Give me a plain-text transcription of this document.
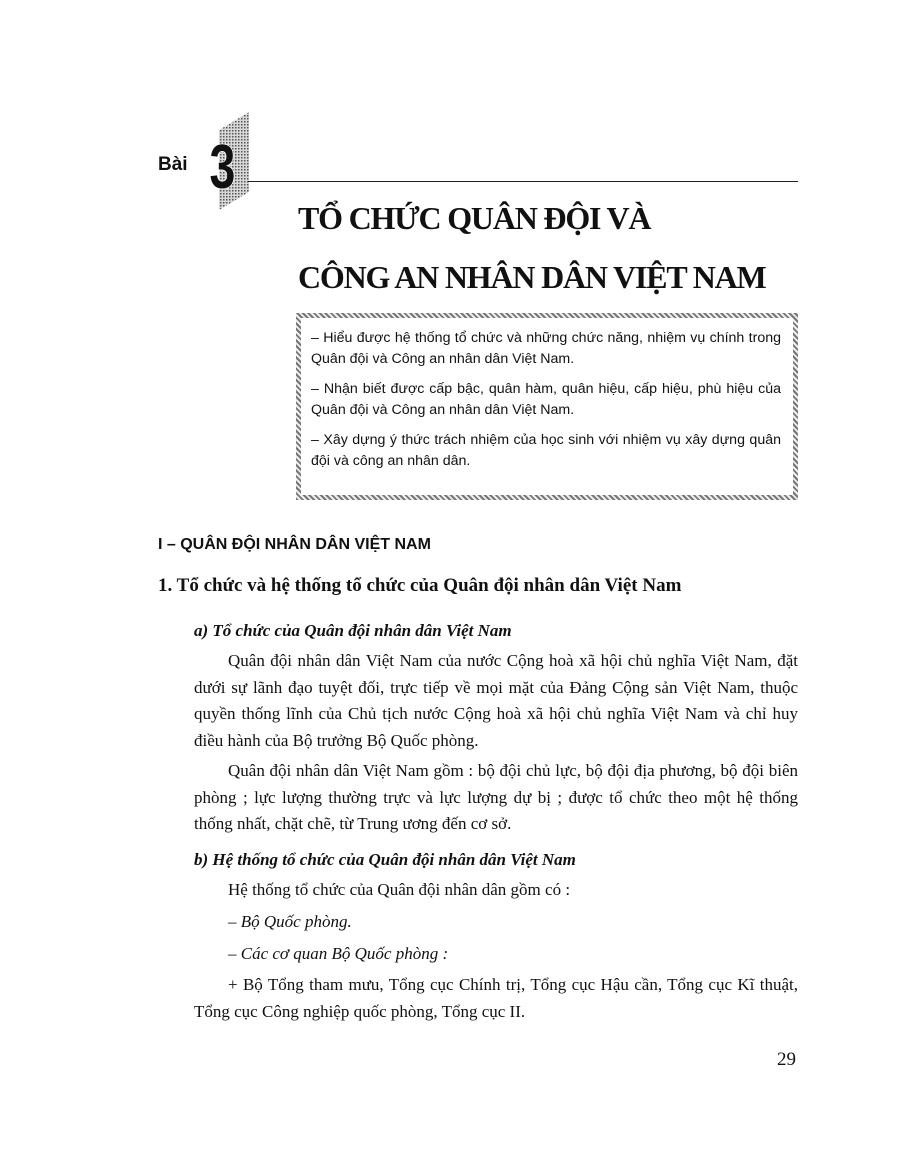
Bài 3
TỔ CHỨC QUÂN ĐỘI VÀ
CÔNG AN NHÂN DÂN VIỆT NAM

– Hiểu được hệ thống tổ chức và những chức năng, nhiệm vụ chính trong Quân đội và Công an nhân dân Việt Nam.

– Nhận biết được cấp bậc, quân hàm, quân hiệu, cấp hiệu, phù hiệu của Quân đội và Công an nhân dân Việt Nam.

– Xây dựng ý thức trách nhiệm của học sinh với nhiệm vụ xây dựng quân đội và công an nhân dân.

I – QUÂN ĐỘI NHÂN DÂN VIỆT NAM
1. Tổ chức và hệ thống tổ chức của Quân đội nhân dân Việt Nam
a) Tổ chức của Quân đội nhân dân Việt Nam

Quân đội nhân dân Việt Nam của nước Cộng hoà xã hội chủ nghĩa Việt Nam, đặt dưới sự lãnh đạo tuyệt đối, trực tiếp về mọi mặt của Đảng Cộng sản Việt Nam, thuộc quyền thống lĩnh của Chủ tịch nước Cộng hoà xã hội chủ nghĩa Việt Nam và chỉ huy điều hành của Bộ trưởng Bộ Quốc phòng.

Quân đội nhân dân Việt Nam gồm : bộ đội chủ lực, bộ đội địa phương, bộ đội biên phòng ; lực lượng thường trực và lực lượng dự bị ; được tổ chức theo một hệ thống thống nhất, chặt chẽ, từ Trung ương đến cơ sở.

b) Hệ thống tổ chức của Quân đội nhân dân Việt Nam
Hệ thống tổ chức của Quân đội nhân dân gồm có :
– Bộ Quốc phòng.
– Các cơ quan Bộ Quốc phòng :

+ Bộ Tổng tham mưu, Tổng cục Chính trị, Tổng cục Hậu cần, Tổng cục Kĩ thuật, Tổng cục Công nghiệp quốc phòng, Tổng cục II.

29
